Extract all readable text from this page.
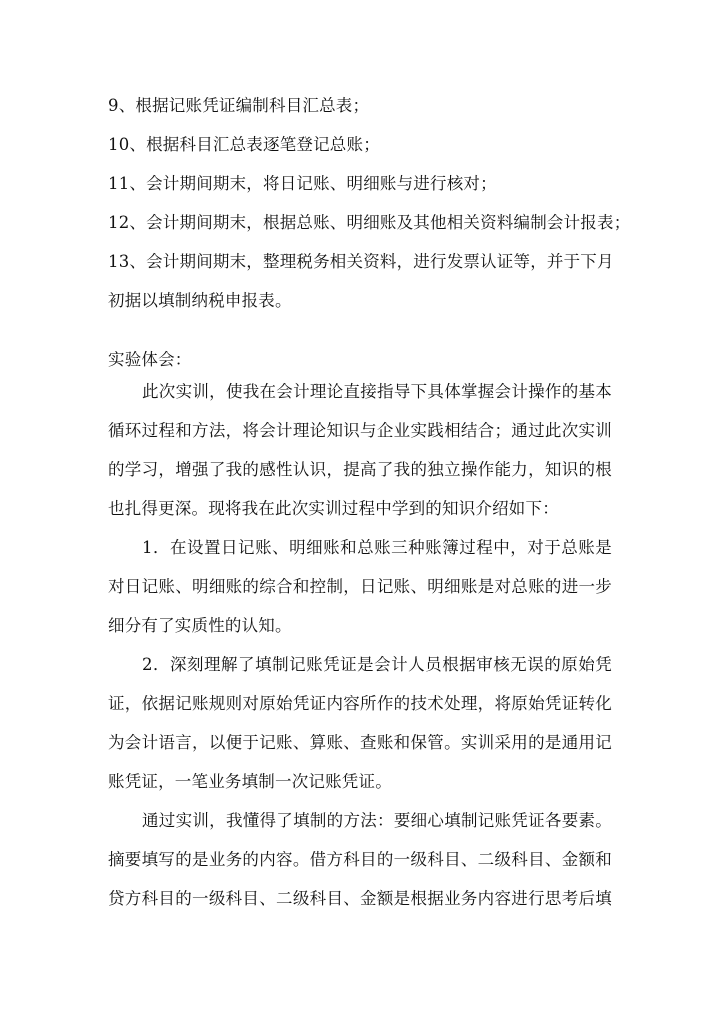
9、根据记账凭证编制科目汇总表；
10、根据科目汇总表逐笔登记总账；
11、会计期间期末，将日记账、明细账与进行核对；
12、会计期间期末，根据总账、明细账及其他相关资料编制会计报表；
13、会计期间期末，整理税务相关资料，进行发票认证等，并于下月
初据以填制纳税申报表。
实验体会：
此次实训，使我在会计理论直接指导下具体掌握会计操作的基本
循环过程和方法，将会计理论知识与企业实践相结合；通过此次实训
的学习，增强了我的感性认识，提高了我的独立操作能力，知识的根
也扎得更深。现将我在此次实训过程中学到的知识介绍如下：
1．在设置日记账、明细账和总账三种账簿过程中，对于总账是
对日记账、明细账的综合和控制，日记账、明细账是对总账的进一步
细分有了实质性的认知。
2．深刻理解了填制记账凭证是会计人员根据审核无误的原始凭
证，依据记账规则对原始凭证内容所作的技术处理，将原始凭证转化
为会计语言，以便于记账、算账、查账和保管。实训采用的是通用记
账凭证，一笔业务填制一次记账凭证。
通过实训，我懂得了填制的方法：要细心填制记账凭证各要素。
摘要填写的是业务的内容。借方科目的一级科目、二级科目、金额和
贷方科目的一级科目、二级科目、金额是根据业务内容进行思考后填
